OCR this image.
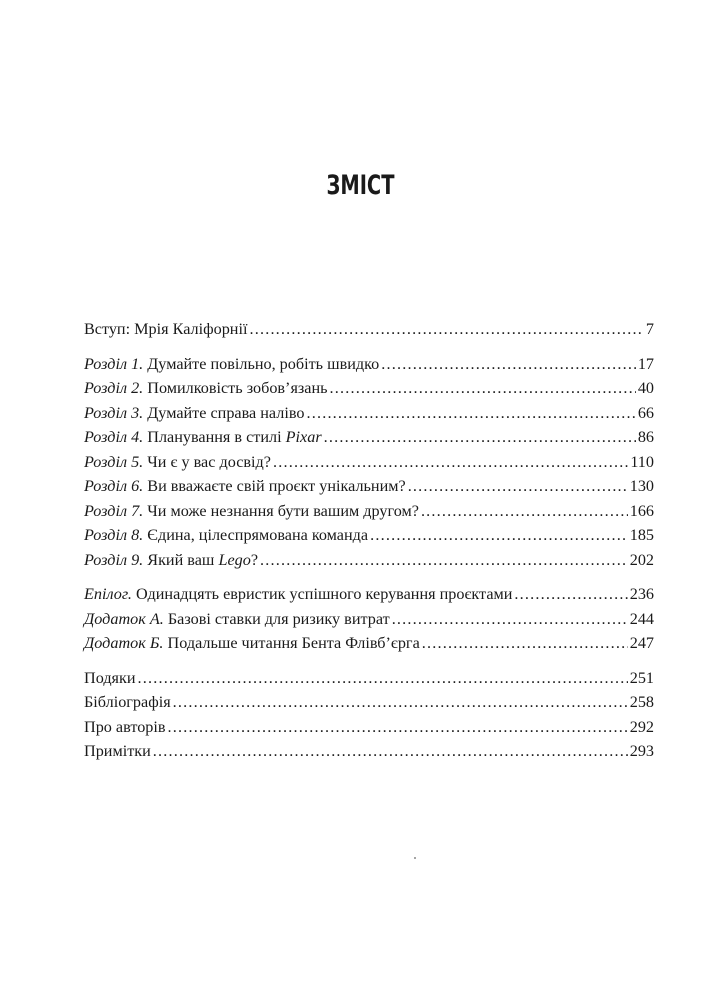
ЗМІСТ
Вступ: Мрія Каліфорнії .....	7
Розділ 1. Думайте повільно, робіть швидко .....	17
Розділ 2. Помилковість зобов’язань .....	40
Розділ 3. Думайте справа наліво .....	66
Розділ 4. Планування в стилі Pixar .....	86
Розділ 5. Чи є у вас досвід? .....	110
Розділ 6. Ви вважаєте свій проєкт унікальним? .....	130
Розділ 7. Чи може незнання бути вашим другом? .....	166
Розділ 8. Єдина, цілеспрямована команда .....	185
Розділ 9. Який ваш Lego? .....	202
Епілог. Одинадцять евристик успішного керування проєктами .....	236
Додаток А. Базові ставки для ризику витрат .....	244
Додаток Б. Подальше читання Бента Флівб’єрга .....	247
Подяки .....	251
Бібліографія .....	258
Про авторів .....	292
Примітки .....	293
